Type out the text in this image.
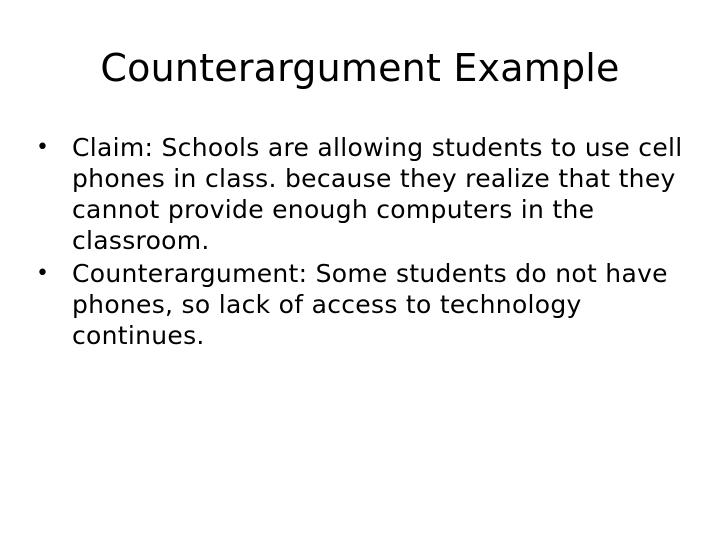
Counterargument Example
• Claim: Schools are allowing students to use cell phones in class. because they realize that they cannot provide enough computers in the classroom.
• Counterargument: Some students do not have phones, so lack of access to technology continues.
